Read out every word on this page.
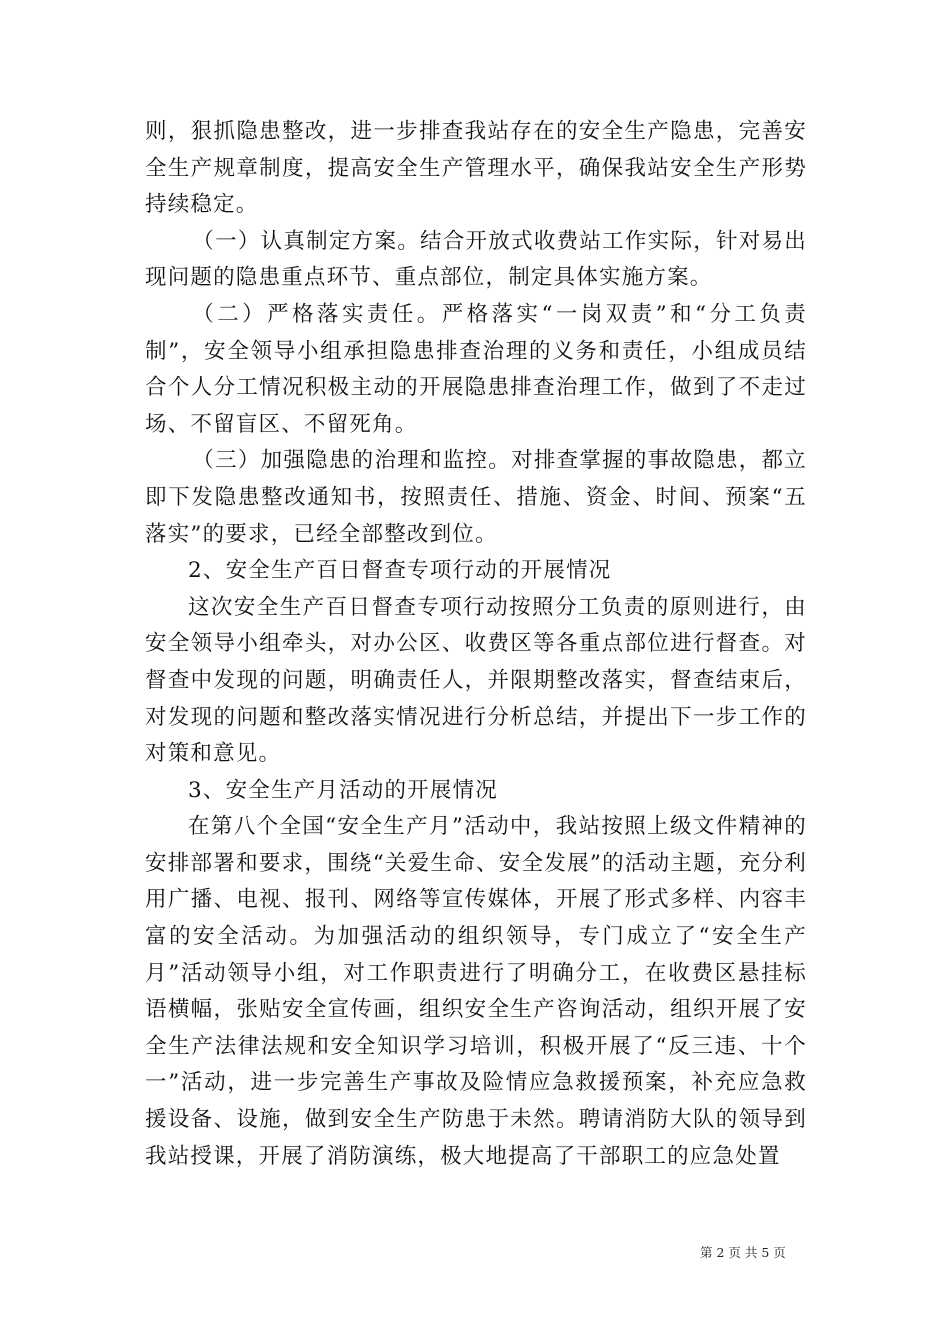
则，狠抓隐患整改，进一步排查我站存在的安全生产隐患，完善安全生产规章制度，提高安全生产管理水平，确保我站安全生产形势持续稳定。

（一）认真制定方案。结合开放式收费站工作实际，针对易出现问题的隐患重点环节、重点部位，制定具体实施方案。

（二）严格落实责任。严格落实“一岗双责”和“分工负责制”，安全领导小组承担隐患排查治理的义务和责任，小组成员结合个人分工情况积极主动的开展隐患排查治理工作，做到了不走过场、不留盲区、不留死角。

（三）加强隐患的治理和监控。对排查掌握的事故隐患，都立即下发隐患整改通知书，按照责任、措施、资金、时间、预案“五落实”的要求，已经全部整改到位。

2、安全生产百日督查专项行动的开展情况

这次安全生产百日督查专项行动按照分工负责的原则进行，由安全领导小组牵头，对办公区、收费区等各重点部位进行督查。对督查中发现的问题，明确责任人，并限期整改落实，督查结束后，对发现的问题和整改落实情况进行分析总结，并提出下一步工作的对策和意见。

3、安全生产月活动的开展情况

在第八个全国“安全生产月”活动中，我站按照上级文件精神的安排部署和要求，围绕“关爱生命、安全发展”的活动主题，充分利用广播、电视、报刊、网络等宣传媒体，开展了形式多样、内容丰富的安全活动。为加强活动的组织领导，专门成立了“安全生产月”活动领导小组，对工作职责进行了明确分工，在收费区悬挂标语横幅，张贴安全宣传画，组织安全生产咨询活动，组织开展了安全生产法律法规和安全知识学习培训，积极开展了“反三违、十个一”活动，进一步完善生产事故及险情应急救援预案，补充应急救援设备、设施，做到安全生产防患于未然。聘请消防大队的领导到我站授课，开展了消防演练，极大地提高了干部职工的应急处置

第 2 页 共 5 页
